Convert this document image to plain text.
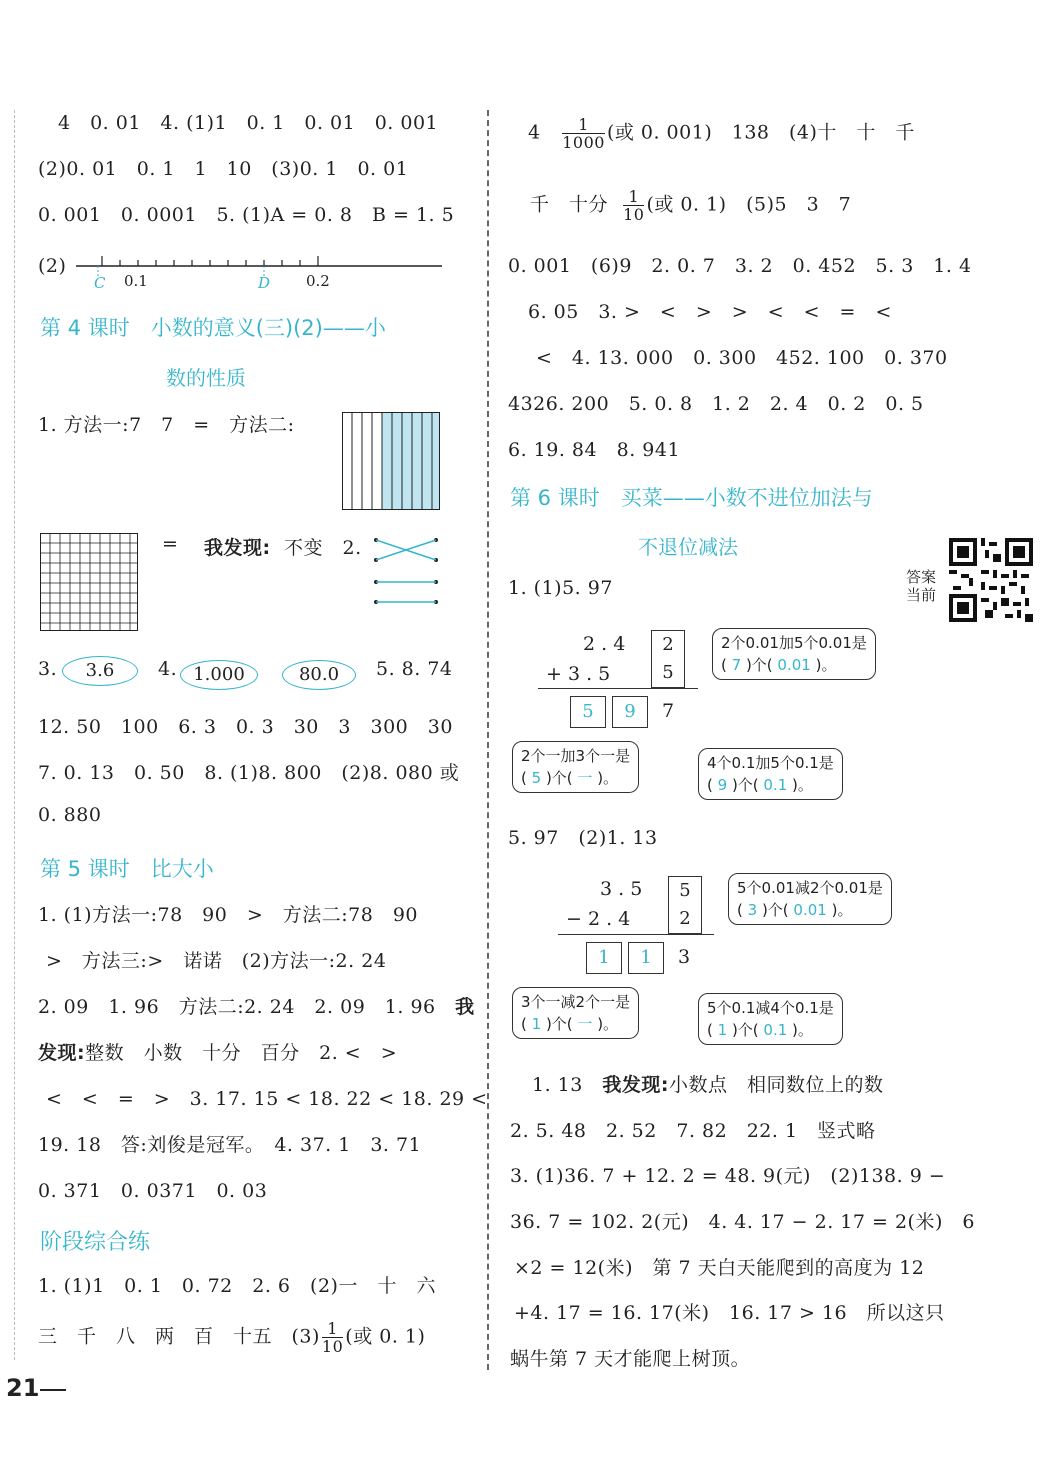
4　0. 01　4. (1)1　0. 1　0. 01　0. 001
(2)0. 01　0. 1　1　10　(3)0. 1　0. 01
0. 001　0. 0001　5. (1)A = 0. 8　B = 1. 5
(2)
C 0.1	D 0.2
第 4 课时　小数的意义(三)(2)——小
数的性质
1. 方法一:7　7　=　方法二:
= 我发现: 不变　2.
3.	3.6	4. 1.000	80.0	5. 8. 74
12. 50　100　6. 3　0. 3　30　3　300　30
7. 0. 13　0. 50　8. (1)8. 800　(2)8. 080 或
0. 880
第 5 课时　比大小
1. (1)方法一:78　90　>　方法二:78　90
>　方法三:>　诺诺　(2)方法一:2. 24
2. 09　1. 96　方法二:2. 24　2. 09　1. 96　我
发现:整数　小数　十分　百分　2. <　>
<　<　=　>　3. 17. 15 < 18. 22 < 18. 29 <
19. 18　答:刘俊是冠军。　4. 37. 1　3. 71
0. 371　0. 0371　0. 03
阶段综合练
1. (1)1　0. 1　0. 72　2. 6　(2)一　十　六
三　千　八　两　百　十五　$(3) \frac{1}{10}$ (或 0. 1)
21
$4 \frac{1}{1000}$ (或 0. 001)　138　(4)十　十　千
千　十分 $\frac{1}{10}$ (或 0. 1)　(5)5　3　7
0. 001　(6)9　2. 0. 7　3. 2　0. 452　5. 3　1. 4
6. 05　3. >　<　>　>　<　<　=　<
<　4. 13. 000　0. 300　452. 100　0. 370
4326. 200　5. 0. 8　1. 2　2. 4　0. 2　0. 5
6. 19. 84　8. 941
第 6 课时　买菜——小数不进位加法与
不退位减法
1. (1)5. 97
2 . 4
+ 3 . 5
2
5
5	9	7
2个0.01加5个0.01是
( 7 )个( 0.01 )。
2个一加3个一是
( 5 )个( 一 )。
4个0.1加5个0.1是
( 9 )个( 0.1 )。
5. 97　(2)1. 13
3 . 5
− 2 . 4
5
2
1	1	3
5个0.01减2个0.01是
( 3 )个( 0.01 )。
3个一减2个一是
( 1 )个( 一 )。
5个0.1减4个0.1是
( 1 )个( 0.1 )。
1. 13　我发现:小数点　相同数位上的数
2. 5. 48　2. 52　7. 82　22. 1　竖式略
3. (1)36. 7 + 12. 2 = 48. 9(元)　(2)138. 9 −
36. 7 = 102. 2(元)　4. 4. 17 − 2. 17 = 2(米)　6
×2 = 12(米)　第 7 天白天能爬到的高度为 12
+4. 17 = 16. 17(米)　16. 17 > 16　所以这只
蜗牛第 7 天才能爬上树顶。
答案
当前
